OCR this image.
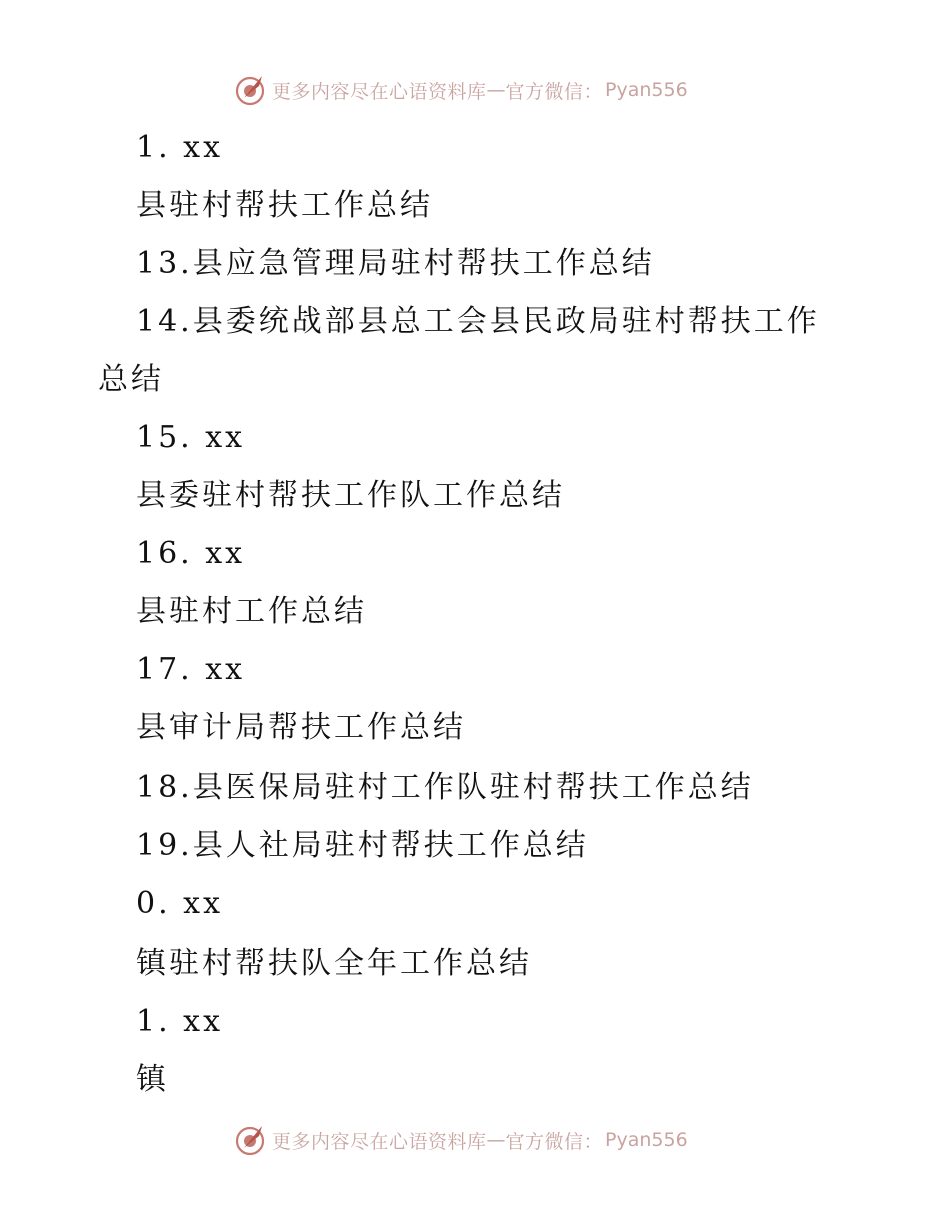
更多内容尽在心语资料库 — 官方微信： Pyan556
1. xx
县驻村帮扶工作总结
13.县应急管理局驻村帮扶工作总结
14.县委统战部县总工会县民政局驻村帮扶工作
总结
15. xx
县委驻村帮扶工作队工作总结
16. xx
县驻村工作总结
17. xx
县审计局帮扶工作总结
18.县医保局驻村工作队驻村帮扶工作总结
19.县人社局驻村帮扶工作总结
0. xx
镇驻村帮扶队全年工作总结
1. xx
镇
更多内容尽在心语资料库 — 官方微信： Pyan556
